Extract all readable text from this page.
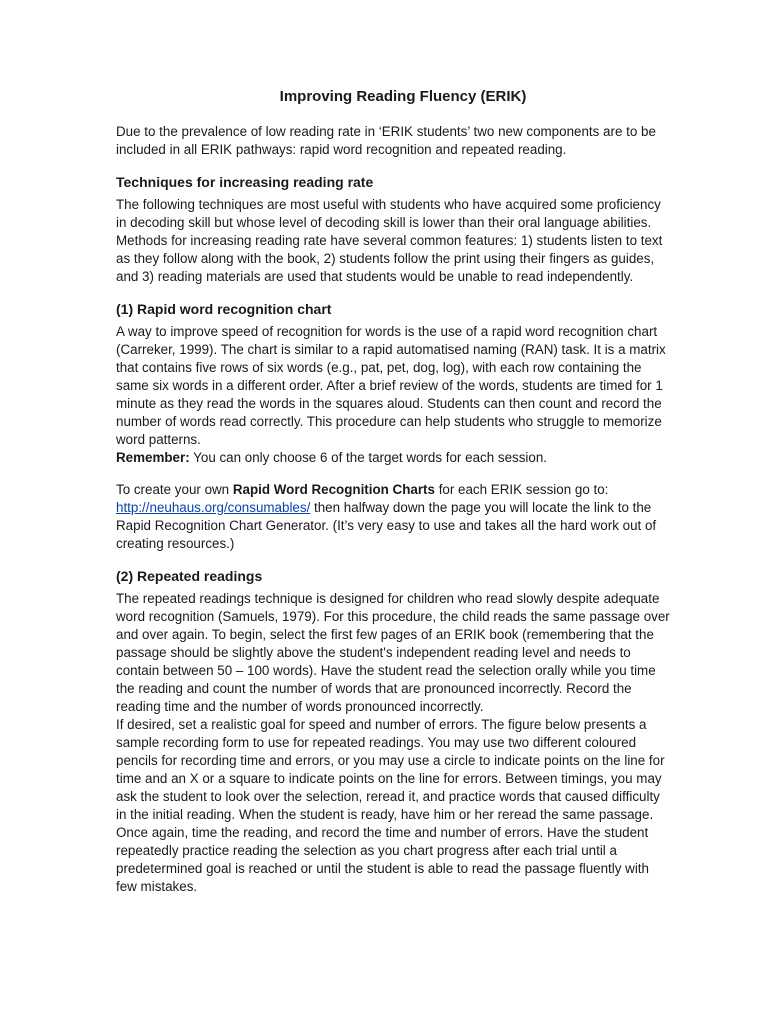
Improving Reading Fluency (ERIK)

Due to the prevalence of low reading rate in ‘ERIK students’ two new components are to be included in all ERIK pathways: rapid word recognition and repeated reading.

Techniques for increasing reading rate

The following techniques are most useful with students who have acquired some proficiency in decoding skill but whose level of decoding skill is lower than their oral language abilities. Methods for increasing reading rate have several common features: 1) students listen to text as they follow along with the book, 2) students follow the print using their fingers as guides, and 3) reading materials are used that students would be unable to read independently.

(1) Rapid word recognition chart

A way to improve speed of recognition for words is the use of a rapid word recognition chart (Carreker, 1999). The chart is similar to a rapid automatised naming (RAN) task. It is a matrix that contains five rows of six words (e.g., pat, pet, dog, log), with each row containing the same six words in a different order. After a brief review of the words, students are timed for 1 minute as they read the words in the squares aloud. Students can then count and record the number of words read correctly. This procedure can help students who struggle to memorize word patterns.

Remember: You can only choose 6 of the target words for each session.

To create your own Rapid Word Recognition Charts for each ERIK session go to: http://neuhaus.org/consumables/ then halfway down the page you will locate the link to the Rapid Recognition Chart Generator. (It’s very easy to use and takes all the hard work out of creating resources.)

(2) Repeated readings

The repeated readings technique is designed for children who read slowly despite adequate word recognition (Samuels, 1979). For this procedure, the child reads the same passage over and over again. To begin, select the first few pages of an ERIK book (remembering that the passage should be slightly above the student's independent reading level and needs to contain between 50 – 100 words). Have the student read the selection orally while you time the reading and count the number of words that are pronounced incorrectly. Record the reading time and the number of words pronounced incorrectly.

If desired, set a realistic goal for speed and number of errors. The figure below presents a sample recording form to use for repeated readings. You may use two different coloured pencils for recording time and errors, or you may use a circle to indicate points on the line for time and an X or a square to indicate points on the line for errors. Between timings, you may ask the student to look over the selection, reread it, and practice words that caused difficulty in the initial reading. When the student is ready, have him or her reread the same passage. Once again, time the reading, and record the time and number of errors. Have the student repeatedly practice reading the selection as you chart progress after each trial until a predetermined goal is reached or until the student is able to read the passage fluently with few mistakes.
